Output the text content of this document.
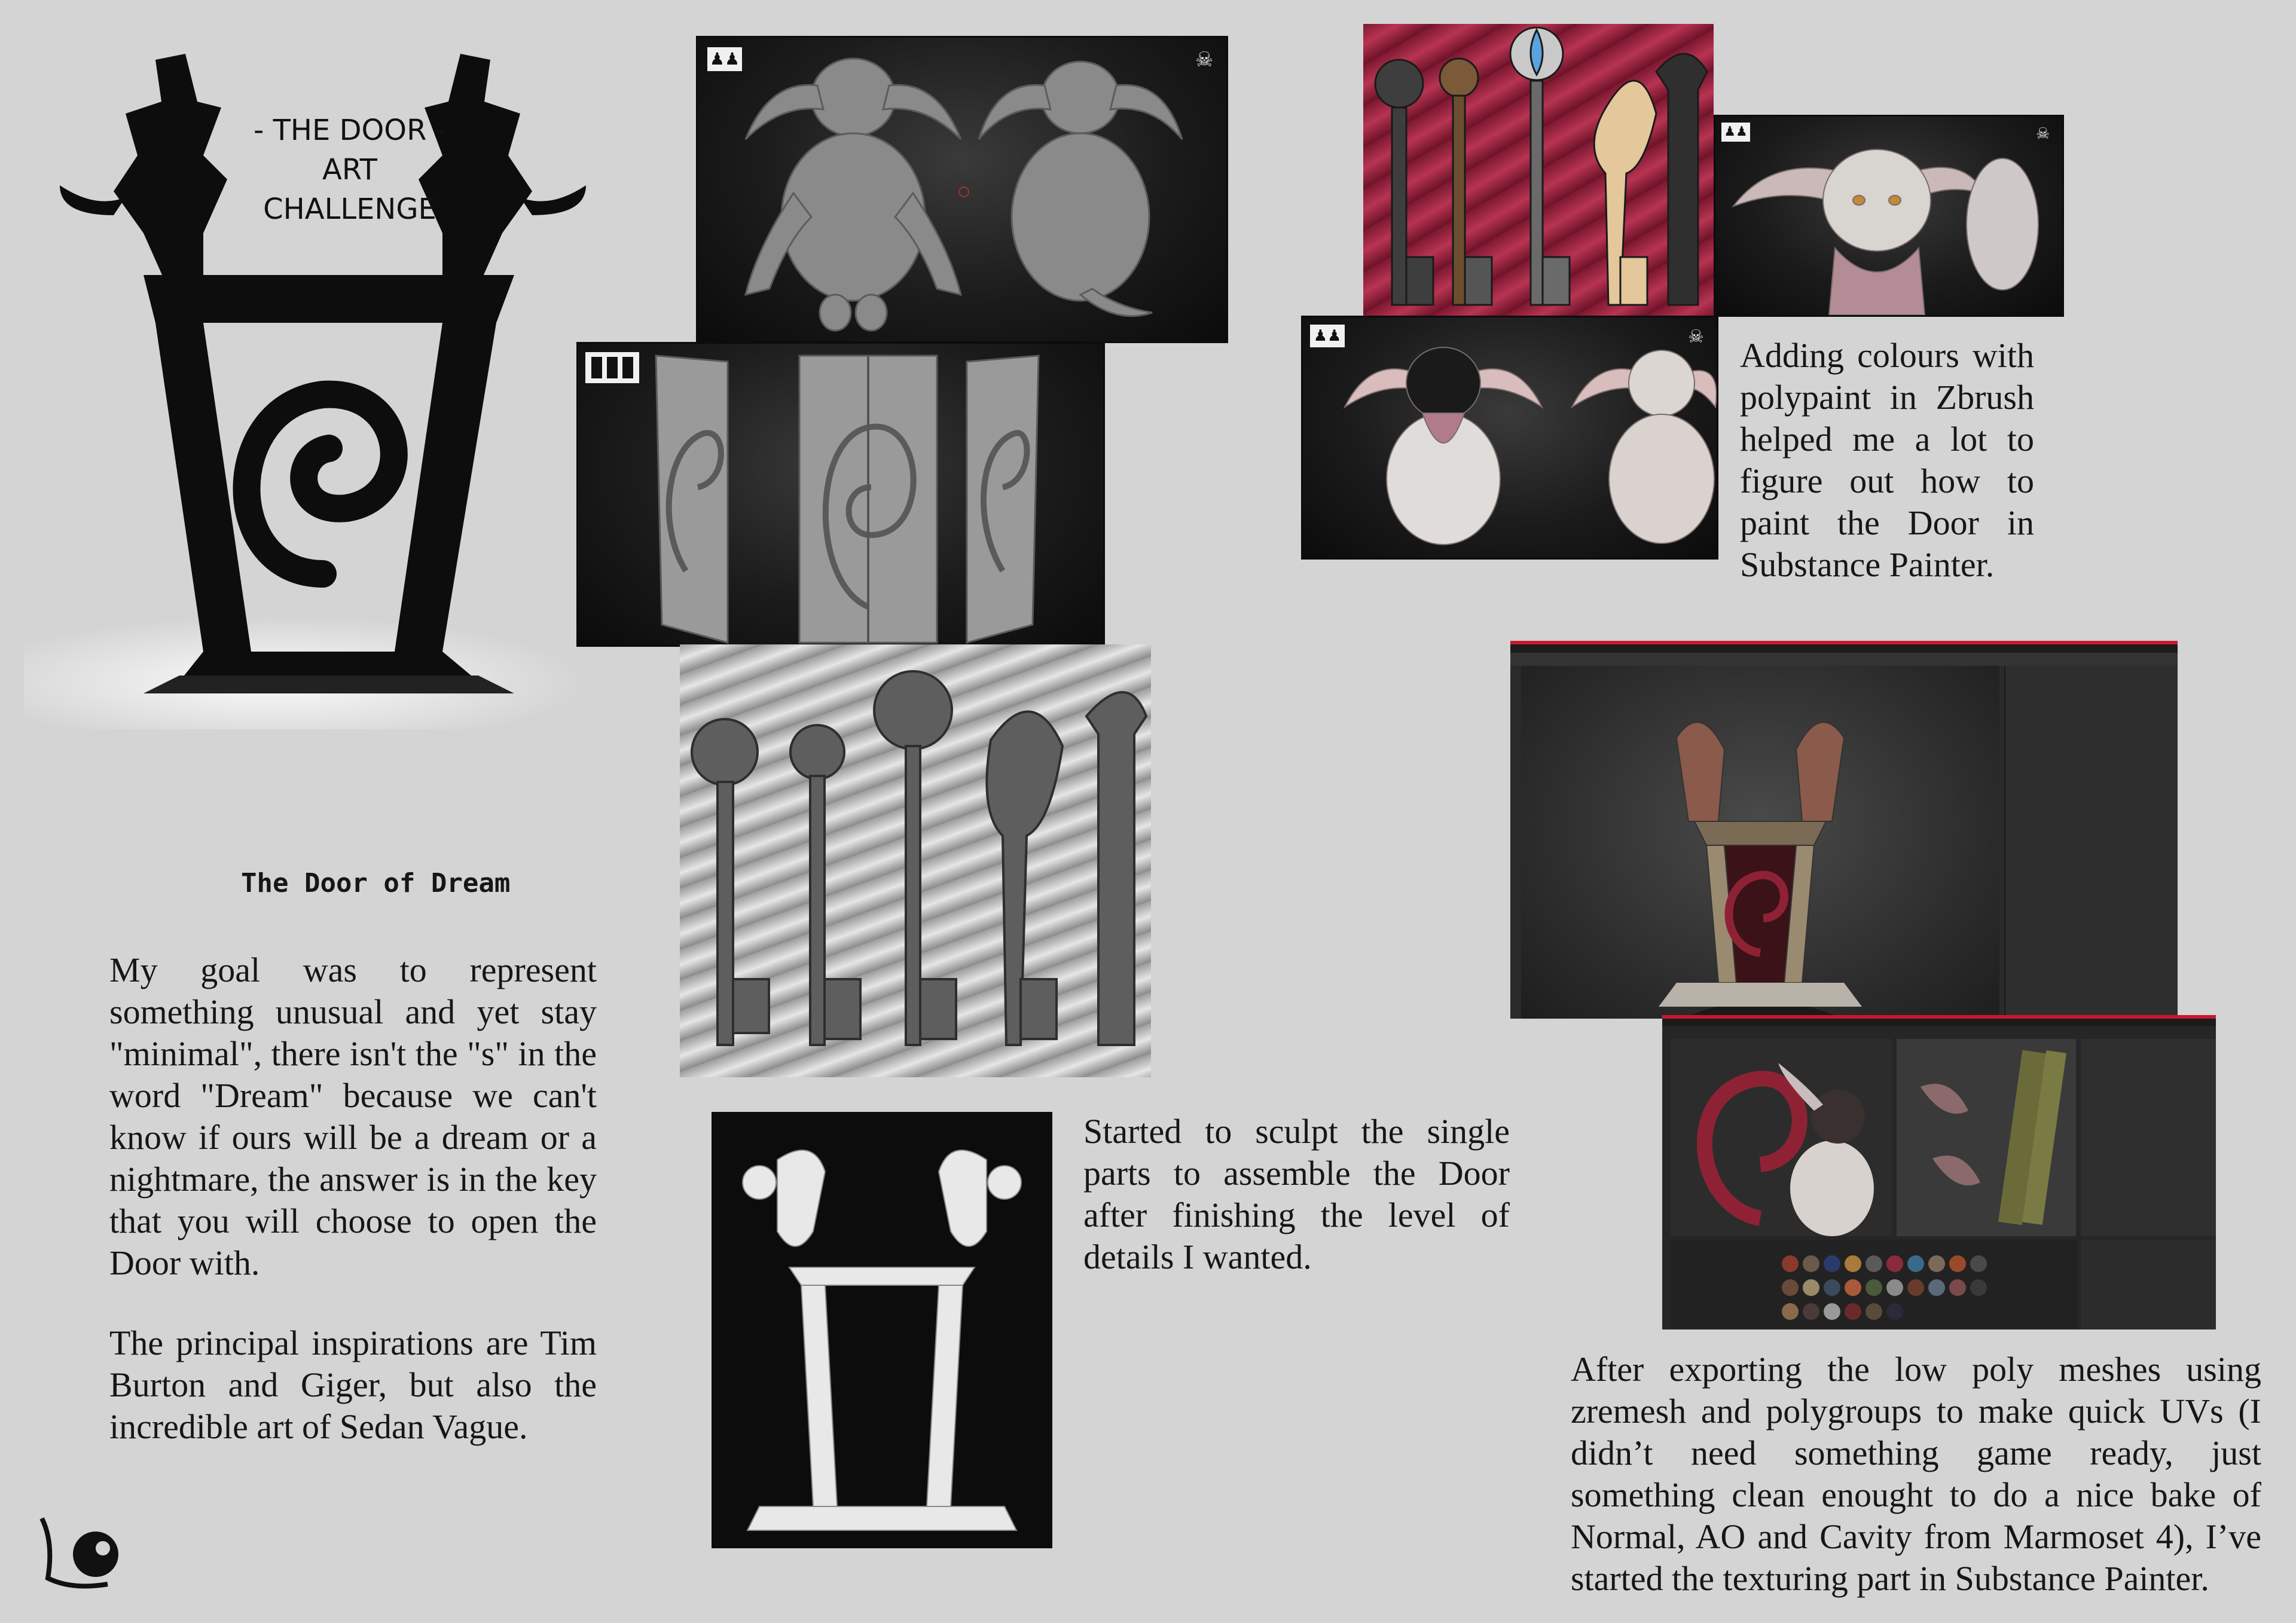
- THE DOOR -
ART CHALLENGE
The Door of Dream
My goal was to represent something unusual and yet stay "minimal", there isn't the "s" in the word "Dream" because we can't know if ours will be a dream or a nightmare, the answer is in the key that you will choose to open the Door with.
The principal inspirations are Tim Burton and Giger, but also the incredible art of Sedan Vague.
♟♟	☠
Started to sculpt the single parts to assemble the Door after finishing the level of details I wanted.
♟♟	☠
♟♟	☠ Adding colours with polypaint in Zbrush helped me a lot to figure out how to paint the Door in Substance Painter.
After exporting the low poly meshes using zremesh and polygroups to make quick UVs (I didn’t need something game ready, just something clean enought to do a nice bake of Normal, AO and Cavity from Marmoset 4), I’ve started the texturing part in Substance Painter.
